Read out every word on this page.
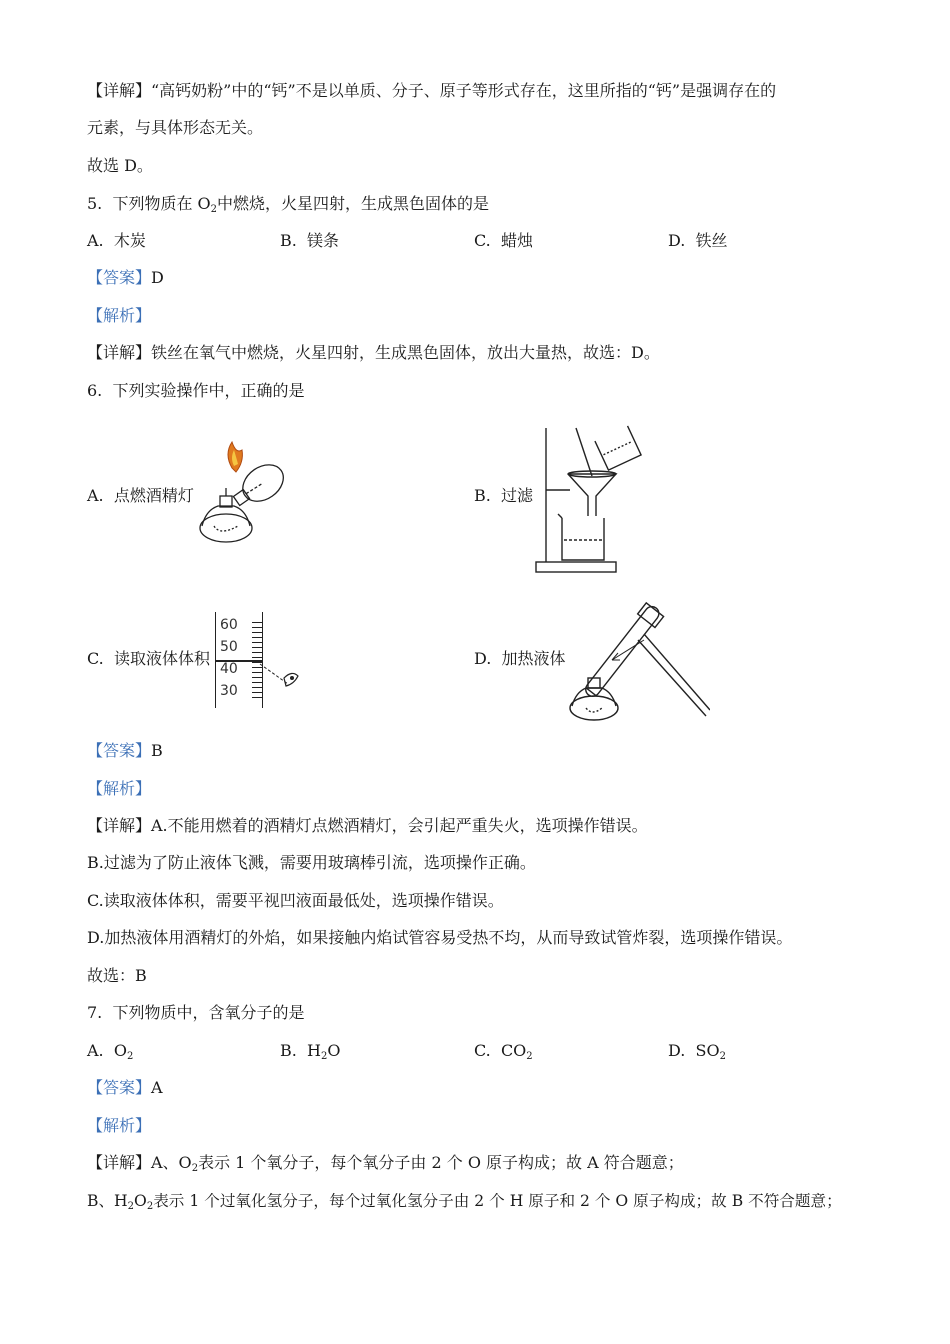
【详解】“高钙奶粉”中的“钙”不是以单质、分子、原子等形式存在，这里所指的“钙”是强调存在的
元素，与具体形态无关。
故选 D。
5. 下列物质在 $O_2$中燃烧，火星四射，生成黑色固体的是
A. 木炭	B. 镁条	C. 蜡烛	D. 铁丝
【答案】D
【解析】
【详解】铁丝在氧气中燃烧，火星四射，生成黑色固体，放出大量热，故选：D。
6. 下列实验操作中，正确的是
A. 点燃酒精灯	B. 过滤
C. 读取液体体积	D. 加热液体
60
50
40
30
【答案】B
【解析】
【详解】A.不能用燃着的酒精灯点燃酒精灯，会引起严重失火，选项操作错误。
B.过滤为了防止液体飞溅，需要用玻璃棒引流，选项操作正确。
C.读取液体体积，需要平视凹液面最低处，选项操作错误。
D.加热液体用酒精灯的外焰，如果接触内焰试管容易受热不均，从而导致试管炸裂，选项操作错误。
故选：B
7. 下列物质中，含氧分子的是
A. $O_2$	B. $H_2O$	C. $CO_2$	D. $SO_2$
【答案】A
【解析】
【详解】A、$O_2$表示 1 个氧分子，每个氧分子由 2 个 O 原子构成；故 A 符合题意；
B、$H_2O_2$表示 1 个过氧化氢分子，每个过氧化氢分子由 2 个 H 原子和 2 个 O 原子构成；故 B 不符合题意；
